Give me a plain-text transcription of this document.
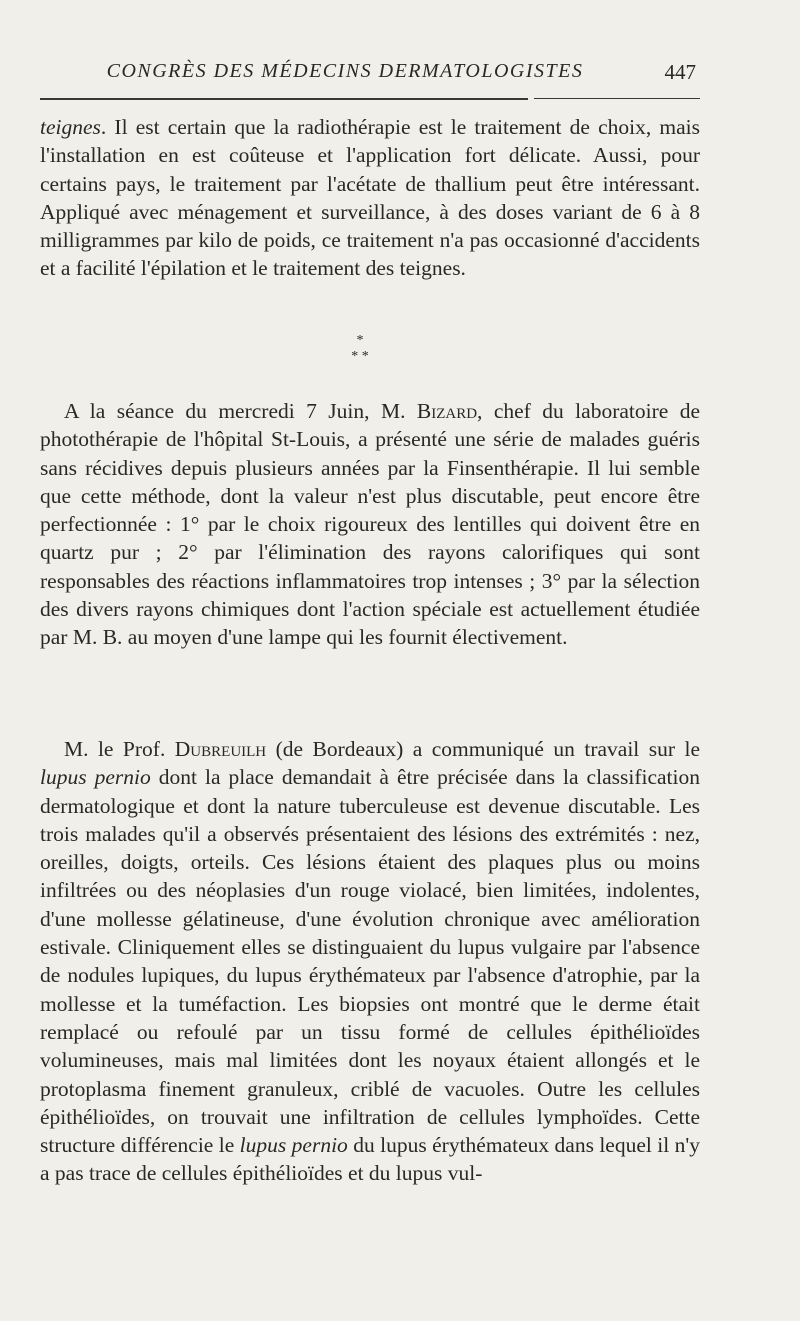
CONGRÈS DES MÉDECINS DERMATOLOGISTES	447

teignes. Il est certain que la radiothérapie est le traitement de choix, mais l'installation en est coûteuse et l'application fort délicate. Aussi, pour certains pays, le traitement par l'acétate de thallium peut être intéressant. Appliqué avec ménagement et surveillance, à des doses variant de 6 à 8 milligrammes par kilo de poids, ce traitement n'a pas occasionné d'accidents et a facilité l'épilation et le traitement des teignes.

*
* *

A la séance du mercredi 7 Juin, M. Bizard, chef du laboratoire de photothérapie de l'hôpital St-Louis, a présenté une série de malades guéris sans récidives depuis plusieurs années par la Finsenthérapie. Il lui semble que cette méthode, dont la valeur n'est plus discutable, peut encore être perfectionnée : 1° par le choix rigoureux des lentilles qui doivent être en quartz pur ; 2° par l'élimination des rayons calorifiques qui sont responsables des réactions inflammatoires trop intenses ; 3° par la sélection des divers rayons chimiques dont l'action spéciale est actuellement étudiée par M. B. au moyen d'une lampe qui les fournit électivement.

M. le Prof. Dubreuilh (de Bordeaux) a communiqué un travail sur le lupus pernio dont la place demandait à être précisée dans la classification dermatologique et dont la nature tuberculeuse est devenue discutable. Les trois malades qu'il a observés présentaient des lésions des extrémités : nez, oreilles, doigts, orteils. Ces lésions étaient des plaques plus ou moins infiltrées ou des néoplasies d'un rouge violacé, bien limitées, indolentes, d'une mollesse gélatineuse, d'une évolution chronique avec amélioration estivale. Cliniquement elles se distinguaient du lupus vulgaire par l'absence de nodules lupiques, du lupus érythémateux par l'absence d'atrophie, par la mollesse et la tuméfaction. Les biopsies ont montré que le derme était remplacé ou refoulé par un tissu formé de cellules épithélioïdes volumineuses, mais mal limitées dont les noyaux étaient allongés et le protoplasma finement granuleux, criblé de vacuoles. Outre les cellules épithélioïdes, on trouvait une infiltration de cellules lymphoïdes. Cette structure différencie le lupus pernio du lupus érythémateux dans lequel il n'y a pas trace de cellules épithélioïdes et du lupus vul-
